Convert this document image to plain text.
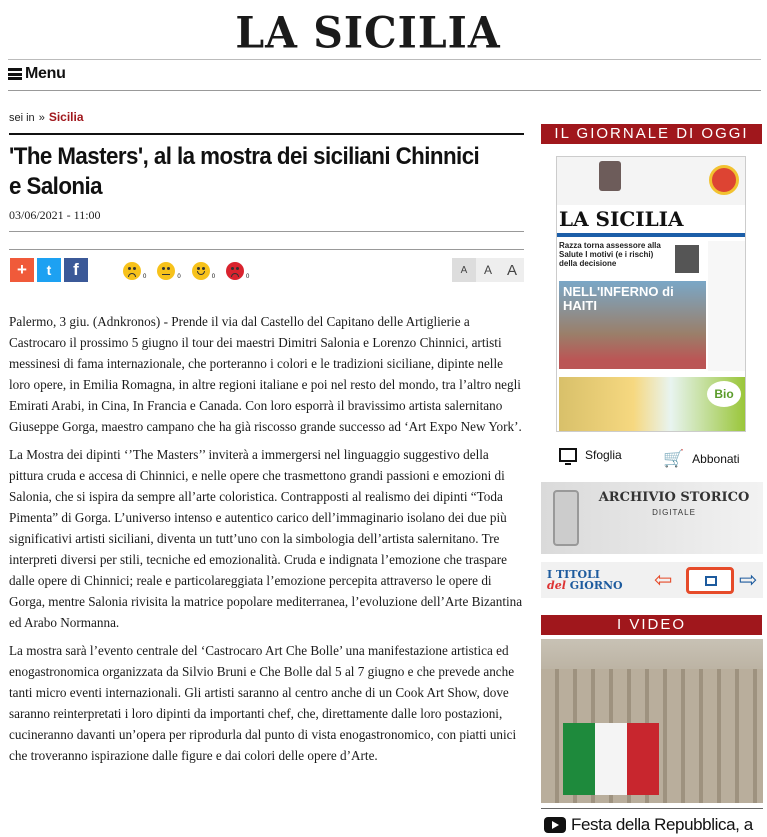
LA SICILIA
Menu
sei in » Sicilia
'The Masters', al la mostra dei siciliani Chinnici e Salonia
03/06/2021 - 11:00
+	t	f	0	0	0	0
A	A A

Palermo, 3 giu. (Adnkronos) - Prende il via dal Castello del Capitano delle Artiglierie a Castrocaro il prossimo 5 giugno il tour dei maestri Dimitri Salonia e Lorenzo Chinnici, artisti messinesi di fama internazionale, che porteranno i colori e le tradizioni siciliane, dipinte nelle loro opere, in Emilia Romagna, in altre regioni italiane e poi nel resto del mondo, tra l’altro negli Emirati Arabi, in Cina, In Francia e Canada. Con loro esporrà il bravissimo artista salernitano Giuseppe Gorga, maestro campano che ha già riscosso grande successo ad ‘Art Expo New York’.

La Mostra dei dipinti ‘’The Masters’’ inviterà a immergersi nel linguaggio suggestivo della pittura cruda e accesa di Chinnici, e nelle opere che trasmettono grandi passioni e emozioni di Salonia, che si ispira da sempre all’arte coloristica. Contrapposti al realismo dei dipinti “Toda Pimenta” di Gorga. L’universo intenso e autentico carico dell’immaginario isolano dei due più significativi artisti siciliani, diventa un tutt’uno con la simbologia dell’artista salernitano. Tre interpreti diversi per stili, tecniche ed emozionalità. Cruda e indignata l’emozione che traspare dalle opere di Chinnici; reale e particolareggiata l’emozione percepita attraverso le opere di Gorga, mentre Salonia rivisita la matrice popolare mediterranea, l’evoluzione dell’Arte Bizantina ed Arabo Normanna.

La mostra sarà l’evento centrale del ‘Castrocaro Art Che Bolle’ una manifestazione artistica ed enogastronomica organizzata da Silvio Bruni e Che Bolle dal 5 al 7 giugno e che prevede anche tanti micro eventi internazionali. Gli artisti saranno al centro anche di un Cook Art Show, dove saranno reinterpretati i loro dipinti da importanti chef, che, direttamente dalle loro postazioni, cucineranno davanti un’opera per riprodurla dal punto di vista enogastronomico, con piatti unici che troveranno ispirazione dalle figure e dai colori delle opere d’Arte.

IL GIORNALE DI OGGI
LA SICILIA
Razza torna assessore alla Salute I motivi (e i rischi) della decisione
NELL'INFERNO di HAITI
Bio
Sfoglia 🛒 Abbonati
ARCHIVIO STORICO
DIGITALE
I TITOLI
del GIORNO ⇦	⇨
I VIDEO
Festa della Repubblica, a
